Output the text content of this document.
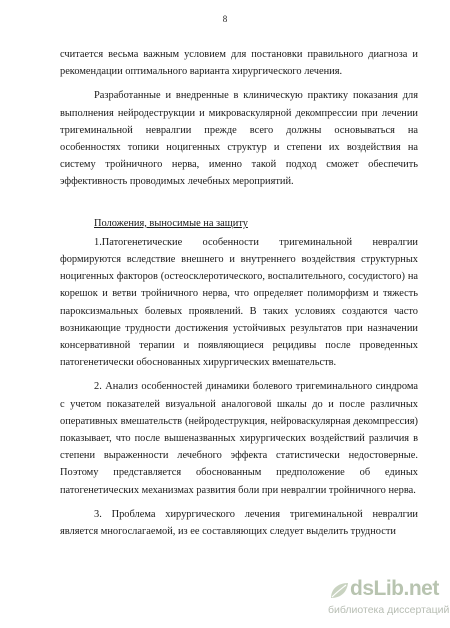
8

считается весьма важным условием для постановки правильного диагноза и рекомендации оптимального варианта хирургического лечения.

Разработанные и внедренные в клиническую практику показания для выполнения нейродеструкции и микроваскулярной декомпрессии при лечении тригеминальной невралгии прежде всего должны основываться на особенностях топики ноцигенных структур и степени их воздействия на систему тройничного нерва, именно такой подход сможет обеспечить эффективность проводимых лечебных мероприятий.

Положения, выносимые на защиту

1.Патогенетические особенности тригеминальной невралгии формируются вследствие внешнего и внутреннего воздействия структурных ноцигенных факторов (остеосклеротического, воспалительного, сосудистого) на корешок и ветви тройничного нерва, что определяет полиморфизм и тяжесть пароксизмальных болевых проявлений. В таких условиях создаются часто возникающие трудности достижения устойчивых результатов при назначении консервативной терапии и появляющиеся рецидивы после проведенных патогенетически обоснованных хирургических вмешательств.

2. Анализ особенностей динамики болевого тригеминального синдрома с учетом показателей визуальной аналоговой шкалы до и после различных оперативных вмешательств (нейродеструкция, нейроваскулярная декомпрессия) показывает, что после вышеназванных хирургических воздействий различия в степени выраженности лечебного эффекта статистически недостоверные. Поэтому представляется обоснованным предположение об единых патогенетических механизмах развития боли при невралгии тройничного нерва.

3. Проблема хирургического лечения тригеминальной невралгии является многослагаемой, из ее составляющих следует выделить трудности

dsLib.net
библиотека диссертаций
